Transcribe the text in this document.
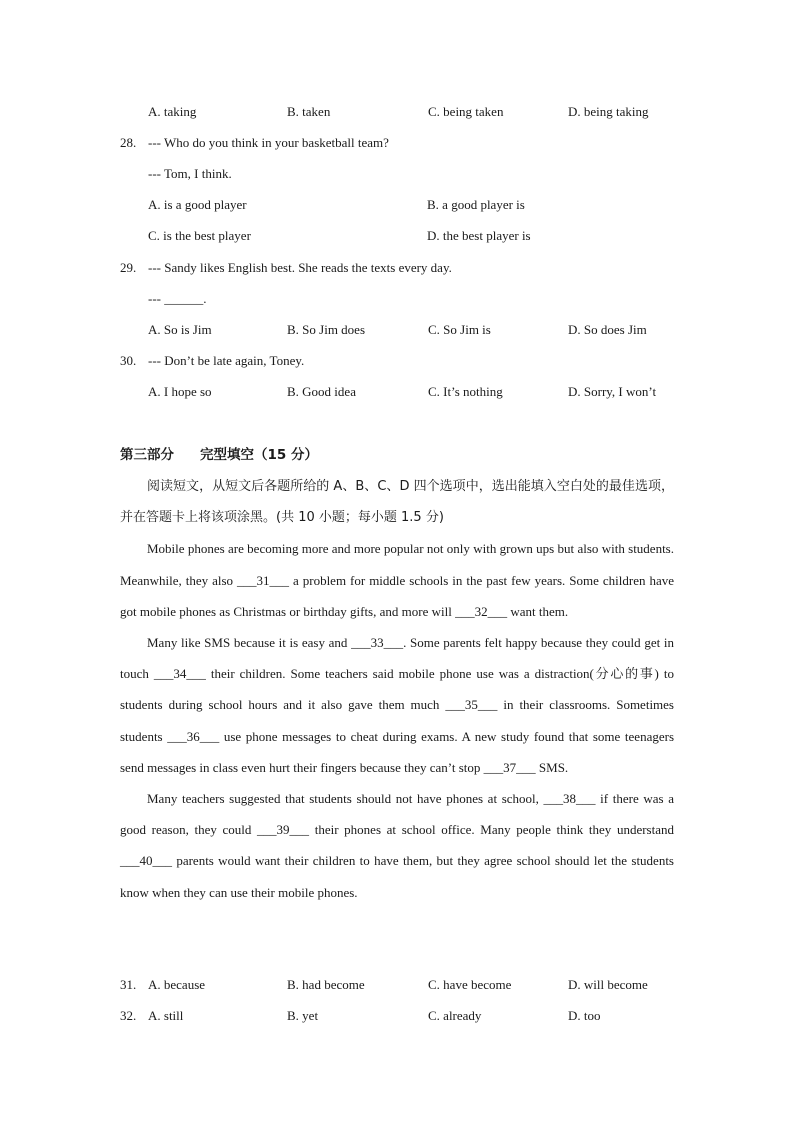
A. taking	B. taken	C. being taken	D. being taking
28. --- Who do you think in your basketball team?
--- Tom, I think.
A. is a good player	B. a good player is
C. is the best player	D. the best player is
29. --- Sandy likes English best. She reads the texts every day.
--- ______.
A. So is Jim	B. So Jim does	C. So Jim is	D. So does Jim
30. --- Don’t be late again, Toney.
A. I hope so	B. Good idea	C. It’s nothing	D. Sorry, I won’t
第三部分 完型填空（15 分）

阅读短文，从短文后各题所给的 A、B、C、D 四个选项中，选出能填入空白处的最佳选项，并在答题卡上将该项涂黑。(共 10 小题；每小题 1.5 分)

Mobile phones are becoming more and more popular not only with grown ups but also with students. Meanwhile, they also ___31___ a problem for middle schools in the past few years. Some children have got mobile phones as Christmas or birthday gifts, and more will ___32___ want them.

Many like SMS because it is easy and ___33___. Some parents felt happy because they could get in touch ___34___ their children. Some teachers said mobile phone use was a distraction(分心的事) to students during school hours and it also gave them much ___35___ in their classrooms. Sometimes students ___36___ use phone messages to cheat during exams. A new study found that some teenagers send messages in class even hurt their fingers because they can’t stop ___37___ SMS.

Many teachers suggested that students should not have phones at school, ___38___ if there was a good reason, they could ___39___ their phones at school office. Many people think they understand ___40___ parents would want their children to have them, but they agree school should let the students know when they can use their mobile phones.

31. A. because	B. had become	C. have become	D. will become
32. A. still	B. yet	C. already	D. too
